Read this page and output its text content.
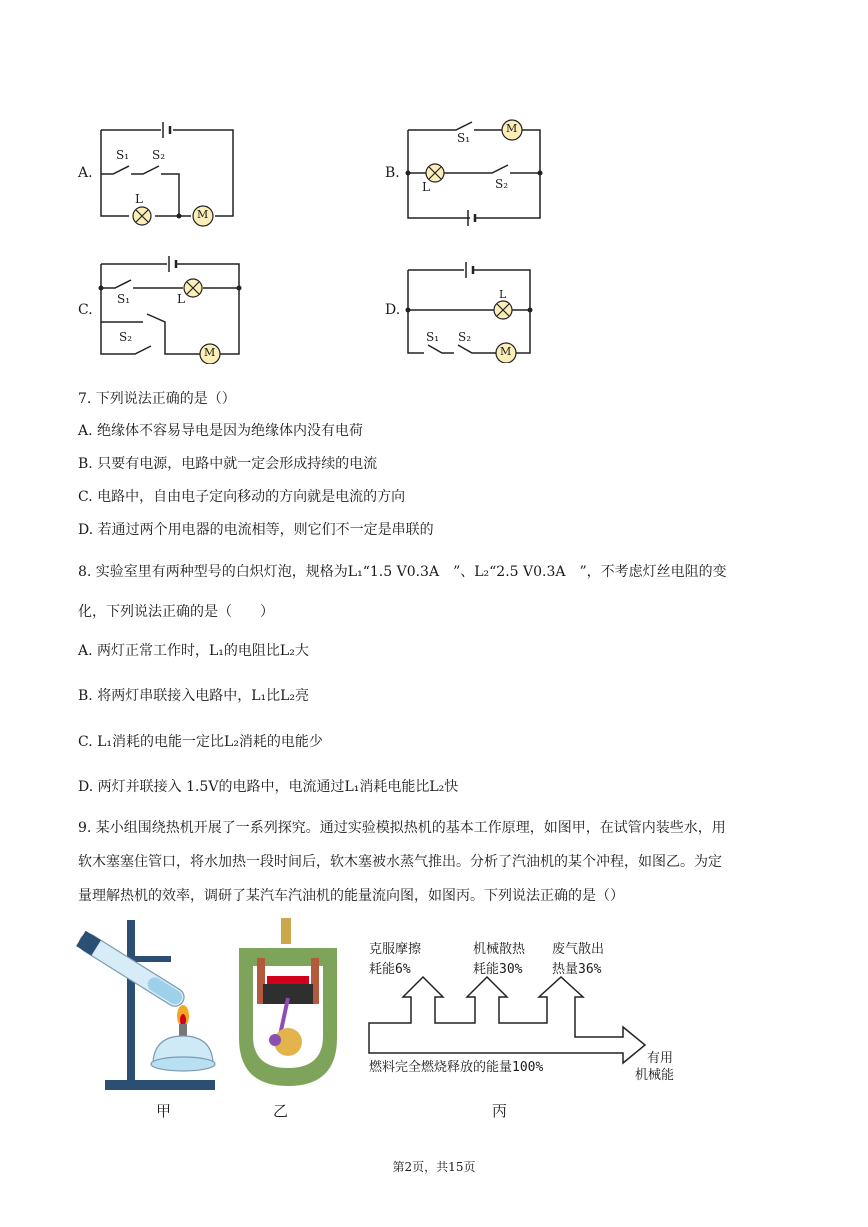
A.
S₁ S₂
L
M
B.
S₁
S₂
L
M
C.
S₁
S₂
L
M
D.
S₁ S₂
L
M
7. 下列说法正确的是（）
A. 绝缘体不容易导电是因为绝缘体内没有电荷
B. 只要有电源，电路中就一定会形成持续的电流
C. 电路中，自由电子定向移动的方向就是电流的方向
D. 若通过两个用电器的电流相等，则它们不一定是串联的
8. 实验室里有两种型号的白炽灯泡，规格为L₁“1.5 V0.3A　”、L₂“2.5 V0.3A　”，不考虑灯丝电阻的变
化，下列说法正确的是（　　）
A. 两灯正常工作时，L₁的电阻比L₂大
B. 将两灯串联接入电路中，L₁比L₂亮
C. L₁消耗的电能一定比L₂消耗的电能少
D. 两灯并联接入 1.5V的电路中，电流通过L₁消耗电能比L₂快
9. 某小组围绕热机开展了一系列探究。通过实验模拟热机的基本工作原理，如图甲，在试管内装些水，用
软木塞塞住管口，将水加热一段时间后，软木塞被水蒸气推出。分析了汽油机的某个冲程，如图乙。为定
量理解热机的效率，调研了某汽车汽油机的能量流向图，如图丙。下列说法正确的是（）
甲	乙
克服摩擦
耗能6%
机械散热
耗能30%
废气散出
热量36%
燃料完全燃烧释放的能量100%
有用
机械能
丙
第2页，共15页
